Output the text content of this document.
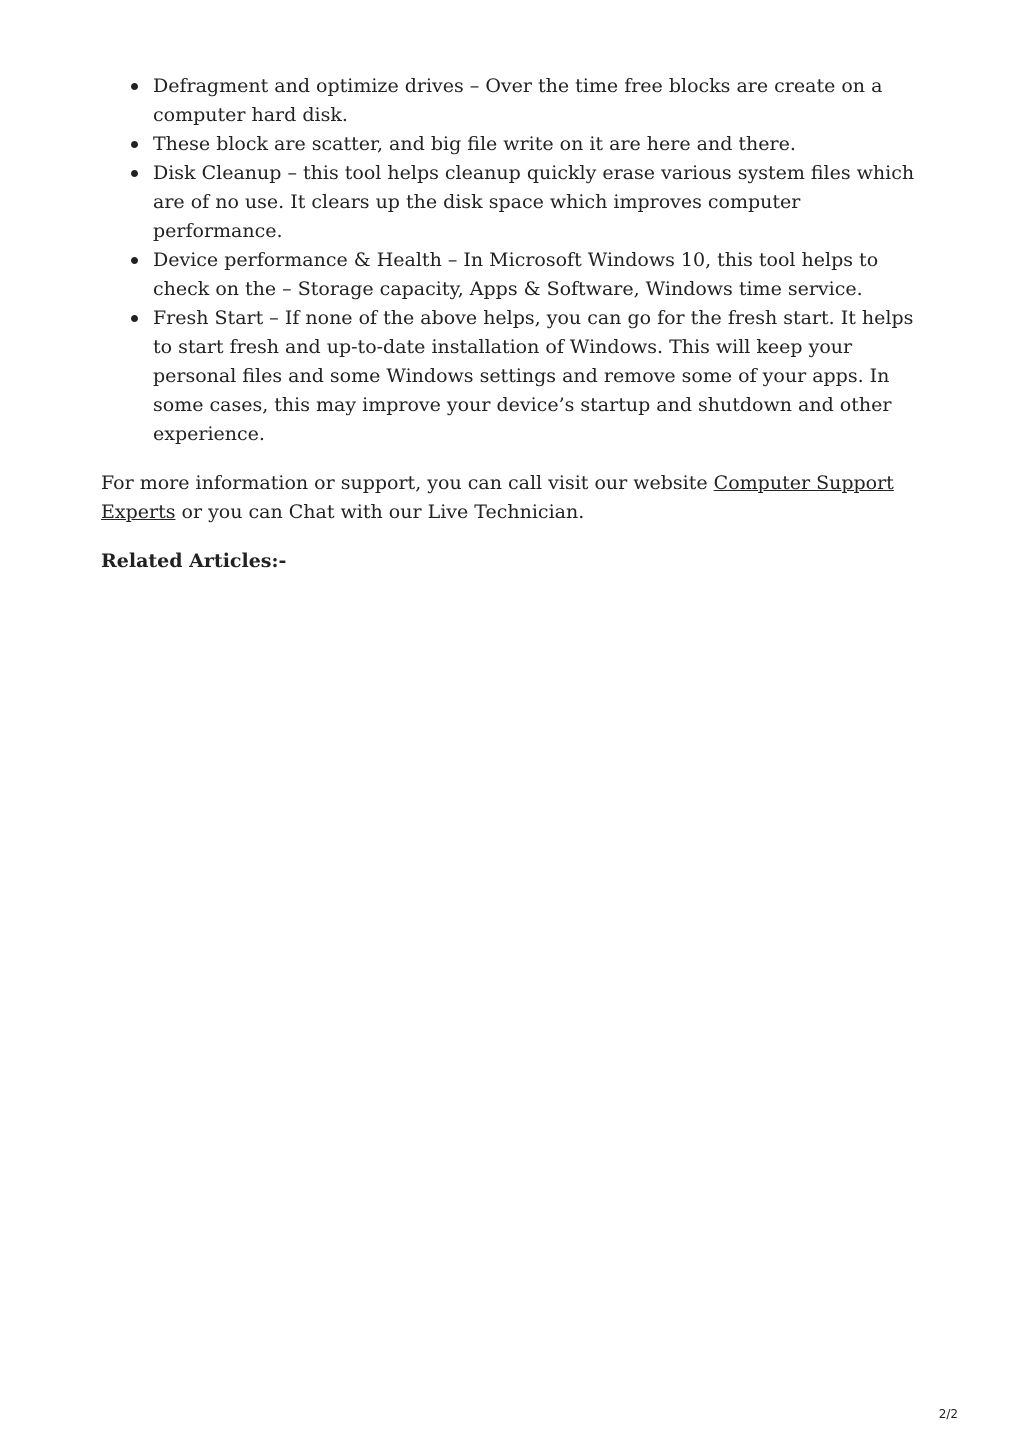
Defragment and optimize drives – Over the time free blocks are create on a computer hard disk.
These block are scatter, and big file write on it are here and there.
Disk Cleanup – this tool helps cleanup quickly erase various system files which are of no use. It clears up the disk space which improves computer performance.
Device performance & Health – In Microsoft Windows 10, this tool helps to check on the – Storage capacity, Apps & Software, Windows time service.
Fresh Start – If none of the above helps, you can go for the fresh start. It helps to start fresh and up-to-date installation of Windows. This will keep your personal files and some Windows settings and remove some of your apps. In some cases, this may improve your device’s startup and shutdown and other experience.

For more information or support, you can call visit our website Computer Support Experts or you can Chat with our Live Technician.

Related Articles:-
2/2
